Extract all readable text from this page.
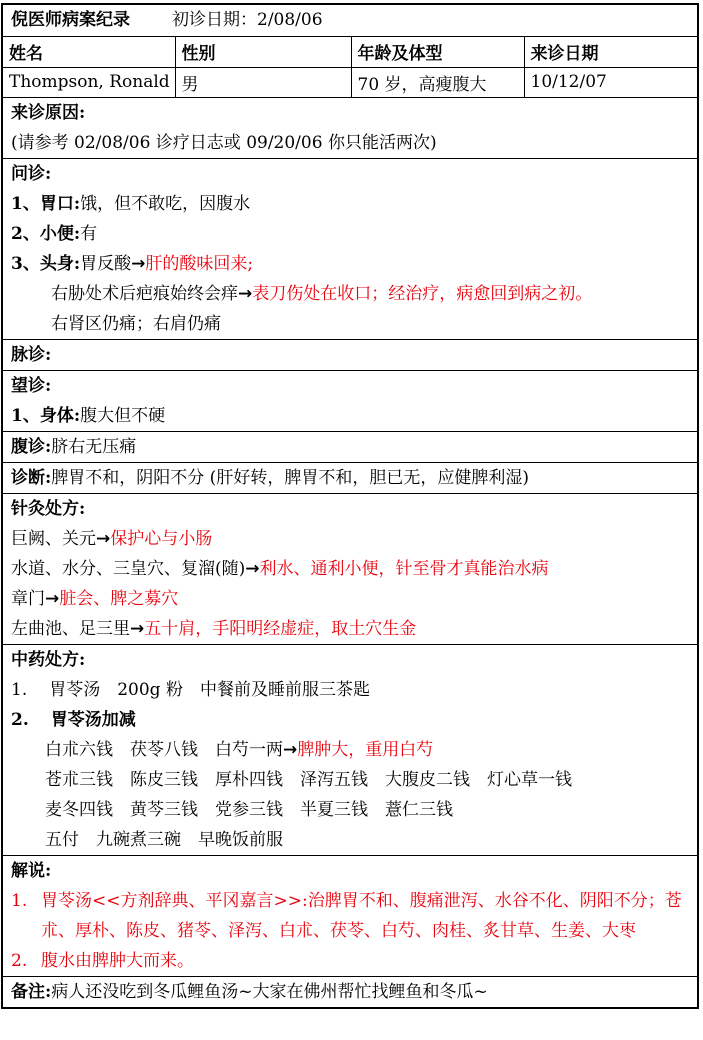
倪医师病案纪录 初诊日期：2/08/06
姓名	性别	年龄及体型	来诊日期
Thompson, Ronald	男	70 岁，高瘦腹大	10/12/07
来诊原因:
(请参考 02/08/06 诊疗日志或 09/20/06 你只能活两次)
问诊:
1、胃口:饿，但不敢吃，因腹水
2、小便:有
3、头身:胃反酸→肝的酸味回来;
右胁处术后疤痕始终会痒→表刀伤处在收口；经治疗，病愈回到病之初。
右肾区仍痛；右肩仍痛
脉诊:
望诊:
1、身体:腹大但不硬
腹诊:脐右无压痛
诊断:脾胃不和，阴阳不分 (肝好转，脾胃不和，胆已无，应健脾利湿)
针灸处方:
巨阙、关元→保护心与小肠
水道、水分、三皇穴、复溜(随)→利水、通利小便，针至骨才真能治水病
章门→脏会、脾之募穴
左曲池、足三里→五十肩，手阳明经虚症，取土穴生金
中药处方:
1. 胃苓汤　200g 粉　中餐前及睡前服三茶匙
2. 胃苓汤加减
白朮六钱　茯苓八钱　白芍一两→脾肿大，重用白芍
苍朮三钱　陈皮三钱　厚朴四钱　泽泻五钱　大腹皮二钱　灯心草一钱
麦冬四钱　黄芩三钱　党参三钱　半夏三钱　薏仁三钱
五付　九碗煮三碗　早晚饭前服
解说:
1. 胃苓汤<<方剂辞典、平冈嘉言>>:治脾胃不和、腹痛泄泻、水谷不化、阴阳不分；苍朮、厚朴、陈皮、猪苓、泽泻、白朮、茯苓、白芍、肉桂、炙甘草、生姜、大枣
2. 腹水由脾肿大而来。
备注:病人还没吃到冬瓜鲤鱼汤~大家在佛州帮忙找鲤鱼和冬瓜~
